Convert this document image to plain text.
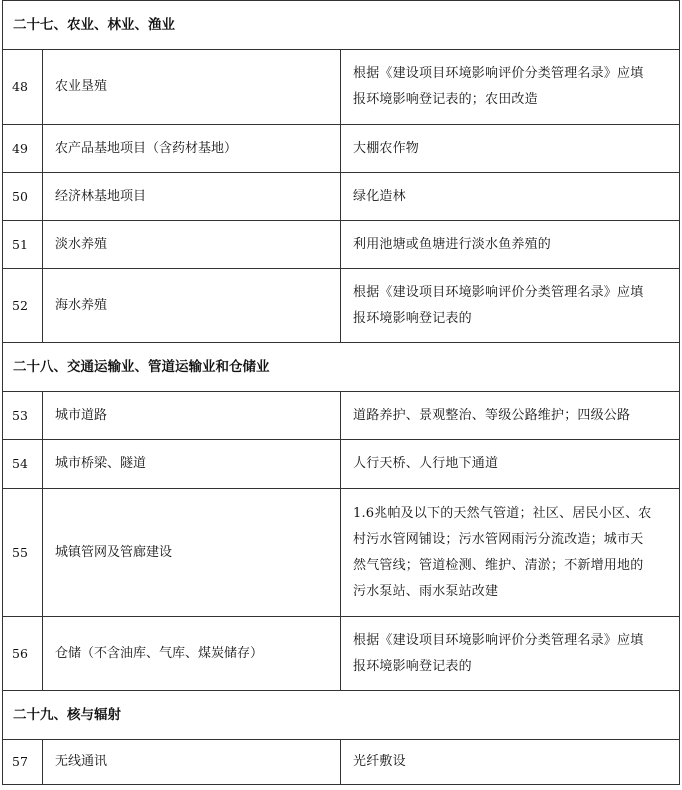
二十七、农业、林业、渔业		
48	农业垦殖	根据《建设项目环境影响评价分类管理名录》应填
报环境影响登记表的；农田改造

49	农产品基地项目（含药材基地）	大棚农作物

50	经济林基地项目	绿化造林

51	淡水养殖	利用池塘或鱼塘进行淡水鱼养殖的

52	海水养殖	根据《建设项目环境影响评价分类管理名录》应填
报环境影响登记表的

二十八、交通运输业、管道运输业和仓储业		
53	城市道路	道路养护、景观整治、等级公路维护；四级公路

54	城市桥梁、隧道	人行天桥、人行地下通道

55	城镇管网及管廊建设	1.6兆帕及以下的天然气管道；社区、居民小区、农
村污水管网铺设；污水管网雨污分流改造；城市天
然气管线；管道检测、维护、清淤；不新增用地的
污水泵站、雨水泵站改建

56	仓储（不含油库、气库、煤炭储存）	根据《建设项目环境影响评价分类管理名录》应填
报环境影响登记表的

二十九、核与辐射		
57	无线通讯	光纤敷设
